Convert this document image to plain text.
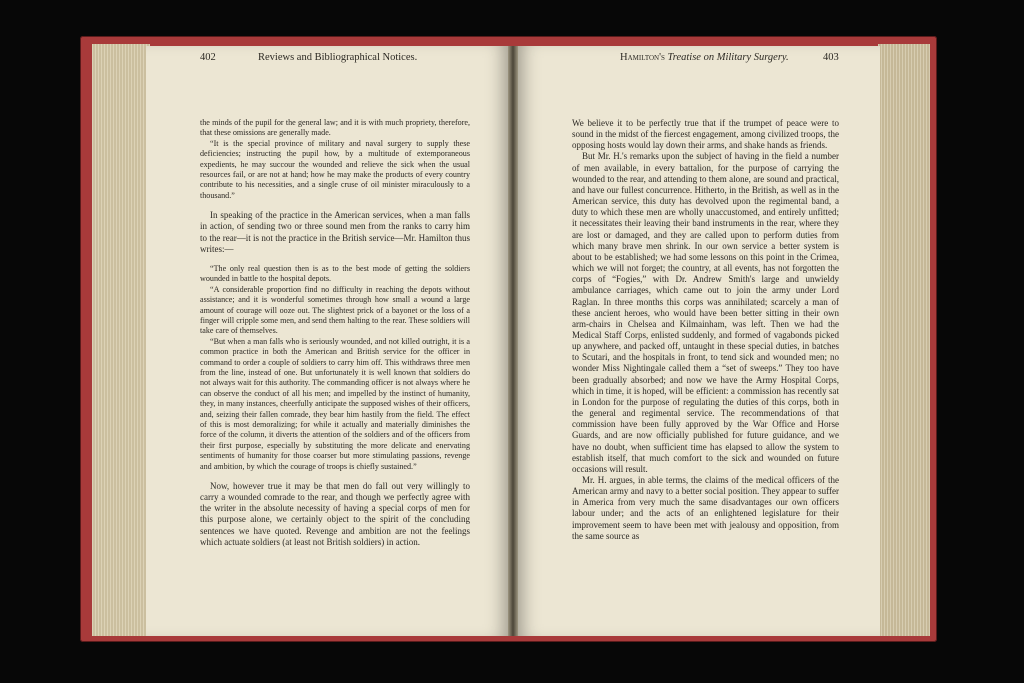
402	Reviews and Bibliographical Notices.	Hamilton's Treatise on Military Surgery.	403

the minds of the pupil for the general law; and it is with much propriety, therefore, that these omissions are generally made.

“It is the special province of military and naval surgery to supply these deficiencies; instructing the pupil how, by a multitude of extemporaneous expedients, he may succour the wounded and relieve the sick when the usual resources fail, or are not at hand; how he may make the products of every country contribute to his necessities, and a single cruse of oil minister miraculously to a thousand.”

In speaking of the practice in the American services, when a man falls in action, of sending two or three sound men from the ranks to carry him to the rear—it is not the practice in the British service—Mr. Hamilton thus writes:—

“The only real question then is as to the best mode of getting the soldiers wounded in battle to the hospital depots.

“A considerable proportion find no difficulty in reaching the depots without assistance; and it is wonderful sometimes through how small a wound a large amount of courage will ooze out. The slightest prick of a bayonet or the loss of a finger will cripple some men, and send them halting to the rear. These soldiers will take care of themselves.

“But when a man falls who is seriously wounded, and not killed outright, it is a common practice in both the American and British service for the officer in command to order a couple of soldiers to carry him off. This withdraws three men from the line, instead of one. But unfortunately it is well known that soldiers do not always wait for this authority. The commanding officer is not always where he can observe the conduct of all his men; and impelled by the instinct of humanity, they, in many instances, cheerfully anticipate the supposed wishes of their officers, and, seizing their fallen comrade, they bear him hastily from the field. The effect of this is most demoralizing; for while it actually and materially diminishes the force of the column, it diverts the attention of the soldiers and of the officers from their first purpose, especially by substituting the more delicate and enervating sentiments of humanity for those coarser but more stimulating passions, revenge and ambition, by which the courage of troops is chiefly sustained.”

Now, however true it may be that men do fall out very willingly to carry a wounded comrade to the rear, and though we perfectly agree with the writer in the absolute necessity of having a special corps of men for this purpose alone, we certainly object to the spirit of the concluding sentences we have quoted. Revenge and ambition are not the feelings which actuate soldiers (at least not British soldiers) in action.

We believe it to be perfectly true that if the trumpet of peace were to sound in the midst of the fiercest engagement, among civilized troops, the opposing hosts would lay down their arms, and shake hands as friends.

But Mr. H.'s remarks upon the subject of having in the field a number of men available, in every battalion, for the purpose of carrying the wounded to the rear, and attending to them alone, are sound and practical, and have our fullest concurrence. Hitherto, in the British, as well as in the American service, this duty has devolved upon the regimental band, a duty to which these men are wholly unaccustomed, and entirely unfitted; it necessitates their leaving their band instruments in the rear, where they are lost or damaged, and they are called upon to perform duties from which many brave men shrink. In our own service a better system is about to be established; we had some lessons on this point in the Crimea, which we will not forget; the country, at all events, has not forgotten the corps of “Fogies,” with Dr. Andrew Smith's large and unwieldy ambulance carriages, which came out to join the army under Lord Raglan. In three months this corps was annihilated; scarcely a man of these ancient heroes, who would have been better sitting in their own arm-chairs in Chelsea and Kilmainham, was left. Then we had the Medical Staff Corps, enlisted suddenly, and formed of vagabonds picked up anywhere, and packed off, untaught in these special duties, in batches to Scutari, and the hospitals in front, to tend sick and wounded men; no wonder Miss Nightingale called them a “set of sweeps.” They too have been gradually absorbed; and now we have the Army Hospital Corps, which in time, it is hoped, will be efficient: a commission has recently sat in London for the purpose of regulating the duties of this corps, both in the general and regimental service. The recommendations of that commission have been fully approved by the War Office and Horse Guards, and are now officially published for future guidance, and we have no doubt, when sufficient time has elapsed to allow the system to establish itself, that much comfort to the sick and wounded on future occasions will result.

Mr. H. argues, in able terms, the claims of the medical officers of the American army and navy to a better social position. They appear to suffer in America from very much the same disadvantages our own officers labour under; and the acts of an enlightened legislature for their improvement seem to have been met with jealousy and opposition, from the same source as
